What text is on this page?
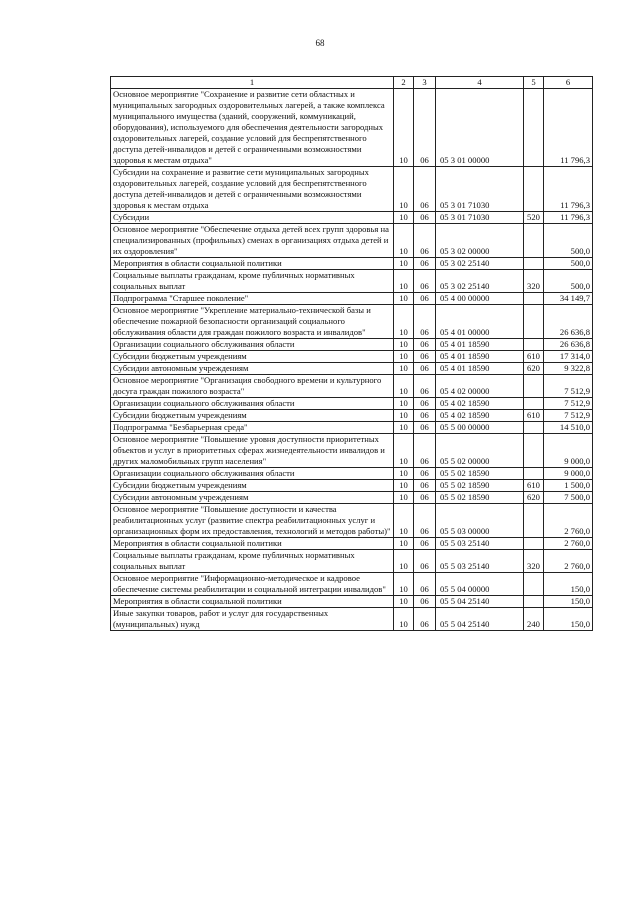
68
1	2	3	4	5	6
Основное мероприятие "Сохранение и развитие сети областных и муниципальных загородных оздоровительных лагерей, а также комплекса муниципального имущества (зданий, сооружений, коммуникаций, оборудования), используемого для обеспечения деятельности загородных оздоровительных лагерей, создание условий для беспрепятственного доступа детей-инвалидов и детей с ограниченными возможностями здоровья к местам отдыха"	10	06	05 3 01 00000		11 796,3
Субсидии на сохранение и развитие сети муниципальных загородных оздоровительных лагерей, создание условий для беспрепятственного доступа детей-инвалидов и детей с ограниченными возможностями здоровья к местам отдыха	10	06	05 3 01 71030		11 796,3
Субсидии	10	06	05 3 01 71030	520	11 796,3
Основное мероприятие "Обеспечение отдыха детей всех групп здоровья на специализированных (профильных) сменах в организациях отдыха детей и их оздоровления"	10	06	05 3 02 00000		500,0
Мероприятия в области социальной политики	10	06	05 3 02 25140		500,0
Социальные выплаты гражданам, кроме публичных нормативных социальных выплат	10	06	05 3 02 25140	320	500,0
Подпрограмма "Старшее поколение"	10	06	05 4 00 00000		34 149,7
Основное мероприятие "Укрепление материально-технической базы и обеспечение пожарной безопасности организаций социального обслуживания области для граждан пожилого возраста и инвалидов"	10	06	05 4 01 00000		26 636,8
Организации социального обслуживания области	10	06	05 4 01 18590		26 636,8
Субсидии бюджетным учреждениям	10	06	05 4 01 18590	610	17 314,0
Субсидии автономным учреждениям	10	06	05 4 01 18590	620	9 322,8
Основное мероприятие "Организация свободного времени и культурного досуга граждан пожилого возраста"	10	06	05 4 02 00000		7 512,9
Организации социального обслуживания области	10	06	05 4 02 18590		7 512,9
Субсидии бюджетным учреждениям	10	06	05 4 02 18590	610	7 512,9
Подпрограмма "Безбарьерная среда"	10	06	05 5 00 00000		14 510,0
Основное мероприятие "Повышение уровня доступности приоритетных объектов и услуг в приоритетных сферах жизнедеятельности инвалидов и других маломобильных групп населения"	10	06	05 5 02 00000		9 000,0
Организации социального обслуживания области	10	06	05 5 02 18590		9 000,0
Субсидии бюджетным учреждениям	10	06	05 5 02 18590	610	1 500,0
Субсидии автономным учреждениям	10	06	05 5 02 18590	620	7 500,0
Основное мероприятие "Повышение доступности и качества реабилитационных услуг (развитие спектра реабилитационных услуг и организационных форм их предоставления, технологий и методов работы)"	10	06	05 5 03 00000		2 760,0
Мероприятия в области социальной политики	10	06	05 5 03 25140		2 760,0
Социальные выплаты гражданам, кроме публичных нормативных социальных выплат	10	06	05 5 03 25140	320	2 760,0
Основное мероприятие "Информационно-методическое и кадровое обеспечение системы реабилитации и социальной интеграции инвалидов"	10	06	05 5 04 00000		150,0
Мероприятия в области социальной политики	10	06	05 5 04 25140		150,0
Иные закупки товаров, работ и услуг для государственных (муниципальных) нужд	10	06	05 5 04 25140	240	150,0
